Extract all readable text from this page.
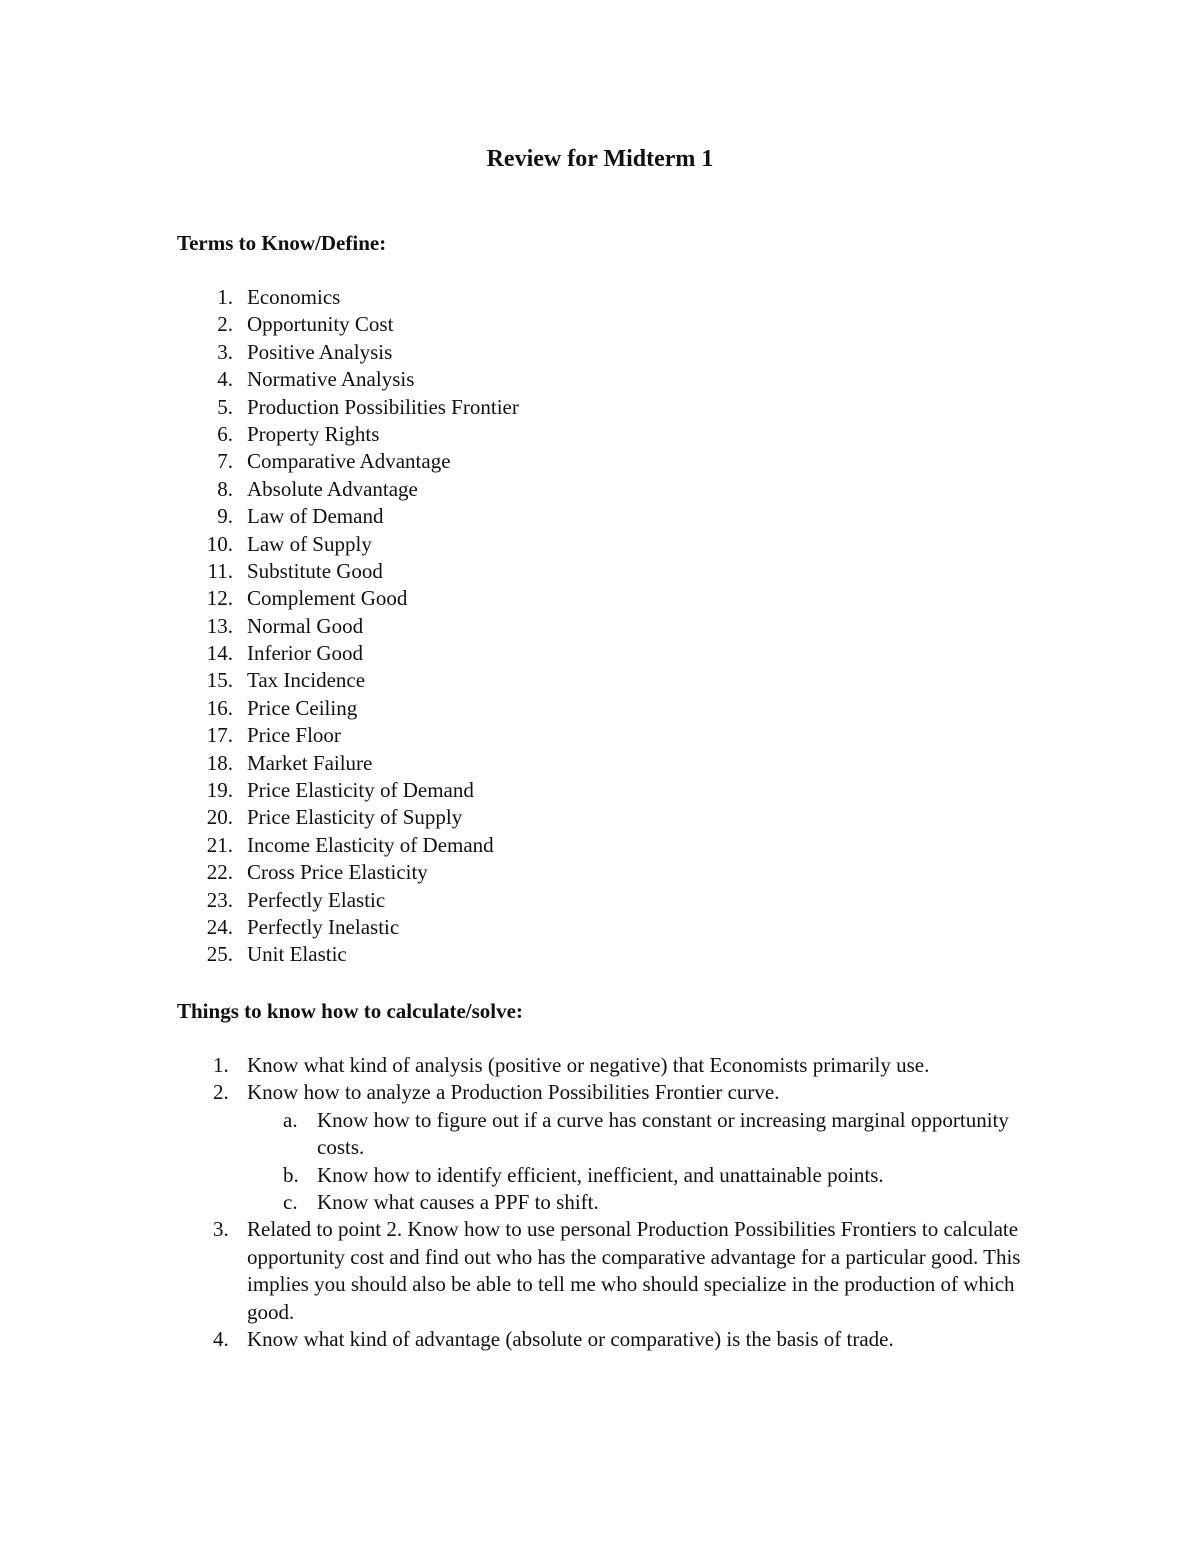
Review for Midterm 1
Terms to Know/Define:
1. Economics
2. Opportunity Cost
3. Positive Analysis
4. Normative Analysis
5. Production Possibilities Frontier
6. Property Rights
7. Comparative Advantage
8. Absolute Advantage
9. Law of Demand
10. Law of Supply
11. Substitute Good
12. Complement Good
13. Normal Good
14. Inferior Good
15. Tax Incidence
16. Price Ceiling
17. Price Floor
18. Market Failure
19. Price Elasticity of Demand
20. Price Elasticity of Supply
21. Income Elasticity of Demand
22. Cross Price Elasticity
23. Perfectly Elastic
24. Perfectly Inelastic
25. Unit Elastic
Things to know how to calculate/solve:
1. Know what kind of analysis (positive or negative) that Economists primarily use.
2. Know how to analyze a Production Possibilities Frontier curve.
a. Know how to figure out if a curve has constant or increasing marginal opportunity costs.
b. Know how to identify efficient, inefficient, and unattainable points.
c. Know what causes a PPF to shift.
3. Related to point 2. Know how to use personal Production Possibilities Frontiers to calculate opportunity cost and find out who has the comparative advantage for a particular good. This implies you should also be able to tell me who should specialize in the production of which good.
4. Know what kind of advantage (absolute or comparative) is the basis of trade.
